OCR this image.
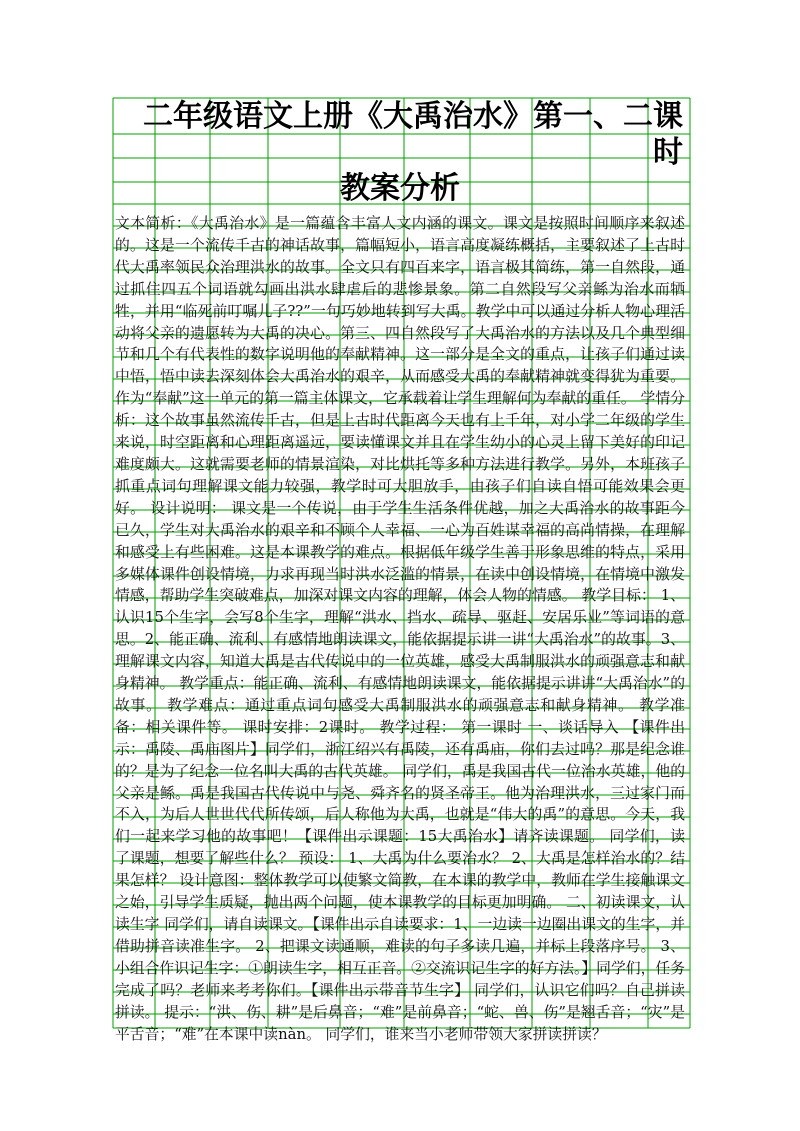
二年级语文上册《大禹治水》第一、二课时
教案分析

文本简析：《大禹治水》是一篇蕴含丰富人文内涵的课文。课文是按照时间顺序来叙述的。这是一个流传千古的神话故事，篇幅短小，语言高度凝练概括，主要叙述了上古时代大禹率领民众治理洪水的故事。全文只有四百来字，语言极其简练，第一自然段，通过抓住四五个词语就勾画出洪水肆虐后的悲惨景象。第二自然段写父亲鲧为治水而牺牲，并用“临死前叮嘱儿子??”一句巧妙地转到写大禹。教学中可以通过分析人物心理活动将父亲的遗愿转为大禹的决心。第三、四自然段写了大禹治水的方法以及几个典型细节和几个有代表性的数字说明他的奉献精神。这一部分是全文的重点，让孩子们通过读中悟，悟中读去深刻体会大禹治水的艰辛，从而感受大禹的奉献精神就变得犹为重要。作为“奉献”这一单元的第一篇主体课文，它承载着让学生理解何为奉献的重任。 学情分析：这个故事虽然流传千古，但是上古时代距离今天也有上千年，对小学二年级的学生来说，时空距离和心理距离遥远，要读懂课文并且在学生幼小的心灵上留下美好的印记难度颇大。这就需要老师的情景渲染，对比烘托等多种方法进行教学。另外，本班孩子抓重点词句理解课文能力较强，教学时可大胆放手，由孩子们自读自悟可能效果会更好。 设计说明： 课文是一个传说，由于学生生活条件优越，加之大禹治水的故事距今已久，学生对大禹治水的艰辛和不顾个人幸福、一心为百姓谋幸福的高尚情操，在理解和感受上有些困难。这是本课教学的难点。根据低年级学生善于形象思维的特点，采用多媒体课件创设情境，力求再现当时洪水泛滥的情景，在读中创设情境，在情境中激发情感，帮助学生突破难点，加深对课文内容的理解，体会人物的情感。 教学目标： 1、认识15个生字，会写8个生字，理解“洪水、挡水、疏导、驱赶、安居乐业”等词语的意思。2、能正确、流利、有感情地朗读课文，能依据提示讲一讲“大禹治水”的故事。3、理解课文内容，知道大禹是古代传说中的一位英雄，感受大禹制服洪水的顽强意志和献身精神。 教学重点：能正确、流利、有感情地朗读课文，能依据提示讲讲“大禹治水”的故事。 教学难点：通过重点词句感受大禹制服洪水的顽强意志和献身精神。 教学准备：相关课件等。 课时安排：2课时。 教学过程： 第一课时 一、谈话导入 【课件出示：禹陵、禹庙图片】同学们，浙江绍兴有禹陵，还有禹庙，你们去过吗？那是纪念谁的？是为了纪念一位名叫大禹的古代英雄。 同学们，禹是我国古代一位治水英雄，他的父亲是鲧。禹是我国古代传说中与尧、舜齐名的贤圣帝王。他为治理洪水，三过家门而不入，为后人世世代代所传颂，后人称他为大禹，也就是“伟大的禹”的意思。今天，我们一起来学习他的故事吧！【课件出示课题：15大禹治水】请齐读课题。 同学们，读了课题，想要了解些什么？ 预设： 1、大禹为什么要治水？ 2、大禹是怎样治水的？结果怎样？ 设计意图：整体教学可以使繁文简教，在本课的教学中，教师在学生接触课文之始，引导学生质疑，抛出两个问题，使本课教学的目标更加明确。 二、初读课文，认读生字 同学们，请自读课文。【课件出示自读要求：1、一边读一边圈出课文的生字，并借助拼音读准生字。 2、把课文读通顺，难读的句子多读几遍，并标上段落序号。 3、小组合作识记生字：①朗读生字，相互正音。②交流识记生字的好方法。】同学们，任务完成了吗？老师来考考你们。【课件出示带音节生字】 同学们，认识它们吗？自己拼读拼读。 提示：“洪、伤、耕”是后鼻音；“难”是前鼻音；“蛇、兽、伤”是翘舌音；“灾”是平舌音；“难”在本课中读nàn。 同学们，谁来当小老师带领大家拼读拼读？
